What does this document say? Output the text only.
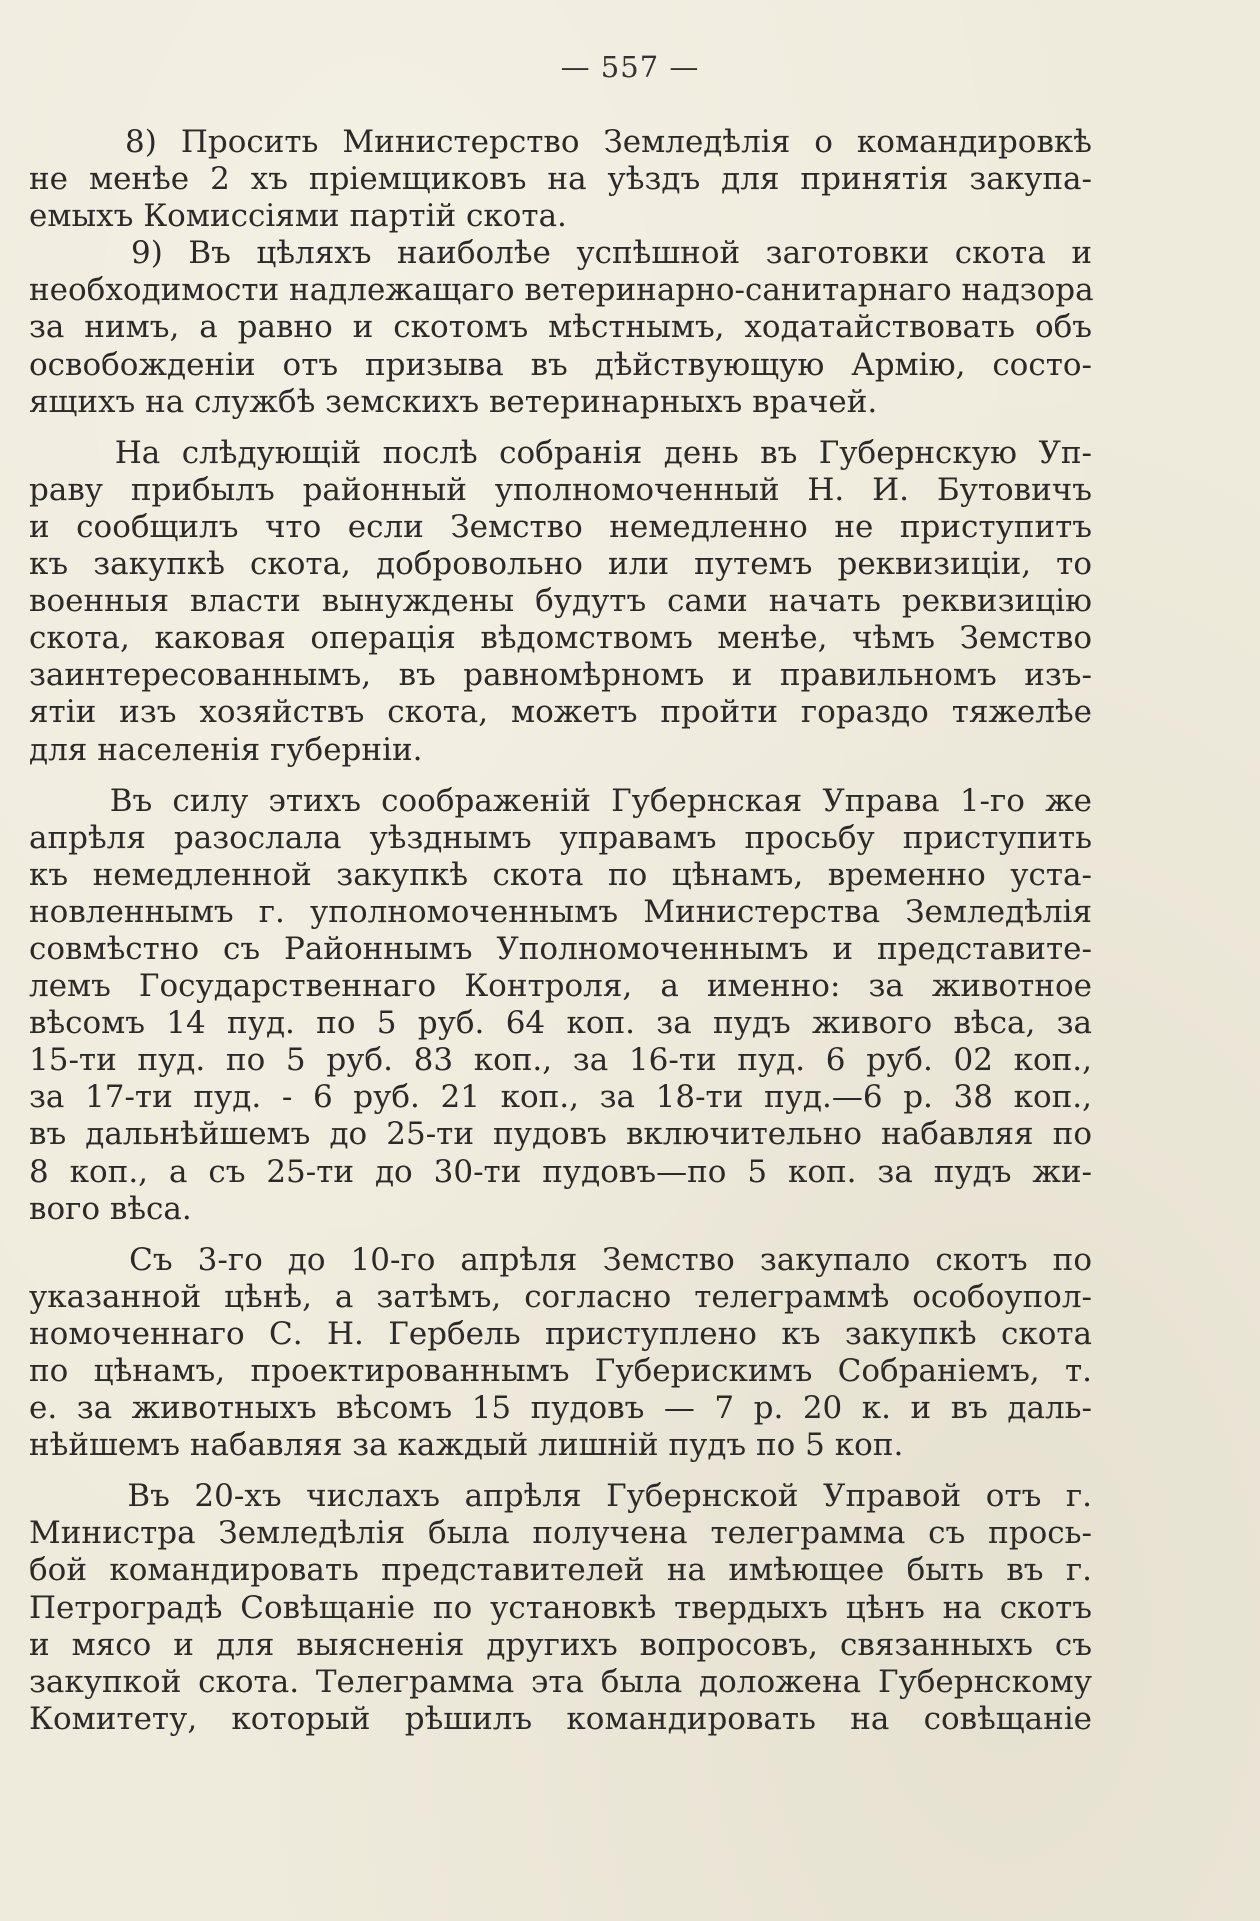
— 557 —
8) Просить Министерство Земледѣлія о командировкѣ
не менѣе 2 хъ пріемщиковъ на уѣздъ для принятія закупа-
емыхъ Комиссіями партій скота.
9) Въ цѣляхъ наиболѣе успѣшной заготовки скота и
необходимости надлежащаго ветеринарно-санитарнаго надзора
за нимъ, а равно и скотомъ мѣстнымъ, ходатайствовать объ
освобожденіи отъ призыва въ дѣйствующую Армію, состо-
ящихъ на службѣ земскихъ ветеринарныхъ врачей.
На слѣдующій послѣ собранія день въ Губернскую Уп-
раву прибылъ районный уполномоченный Н. И. Бутовичъ
и сообщилъ что если Земство немедленно не приступитъ
къ закупкѣ скота, добровольно или путемъ реквизиціи, то
военныя власти вынуждены будутъ сами начать реквизицію
скота, каковая операція вѣдомствомъ менѣе, чѣмъ Земство
заинтересованнымъ, въ равномѣрномъ и правильномъ изъ-
ятіи изъ хозяйствъ скота, можетъ пройти гораздо тяжелѣе
для населенія губерніи.
Въ силу этихъ соображеній Губернская Управа 1-го же
апрѣля разослала уѣзднымъ управамъ просьбу приступить
къ немедленной закупкѣ скота по цѣнамъ, временно уста-
новленнымъ г. уполномоченнымъ Министерства Земледѣлія
совмѣстно съ Районнымъ Уполномоченнымъ и представите-
лемъ Государственнаго Контроля, а именно: за животное
вѣсомъ 14 пуд. по 5 руб. 64 коп. за пудъ живого вѣса, за
15-ти пуд. по 5 руб. 83 коп., за 16-ти пуд. 6 руб. 02 коп.,
за 17-ти пуд. - 6 руб. 21 коп., за 18-ти пуд.—6 р. 38 коп.,
въ дальнѣйшемъ до 25-ти пудовъ включительно набавляя по
8 коп., а съ 25-ти до 30-ти пудовъ—по 5 коп. за пудъ жи-
вого вѣса.
Съ 3-го до 10-го апрѣля Земство закупало скотъ по
указанной цѣнѣ, а затѣмъ, согласно телеграммѣ особоупол-
номоченнаго С. Н. Гербель приступлено къ закупкѣ скота
по цѣнамъ, проектированнымъ Губерискимъ Собраніемъ, т.
е. за животныхъ вѣсомъ 15 пудовъ — 7 р. 20 к. и въ даль-
нѣйшемъ набавляя за каждый лишній пудъ по 5 коп.
Въ 20-хъ числахъ апрѣля Губернской Управой отъ г.
Министра Земледѣлія была получена телеграмма съ прось-
бой командировать представителей на имѣющее быть въ г.
Петроградѣ Совѣщаніе по установкѣ твердыхъ цѣнъ на скотъ
и мясо и для выясненія другихъ вопросовъ, связанныхъ съ
закупкой скота. Телеграмма эта была доложена Губернскому
Комитету, который рѣшилъ командировать на совѣщаніе
